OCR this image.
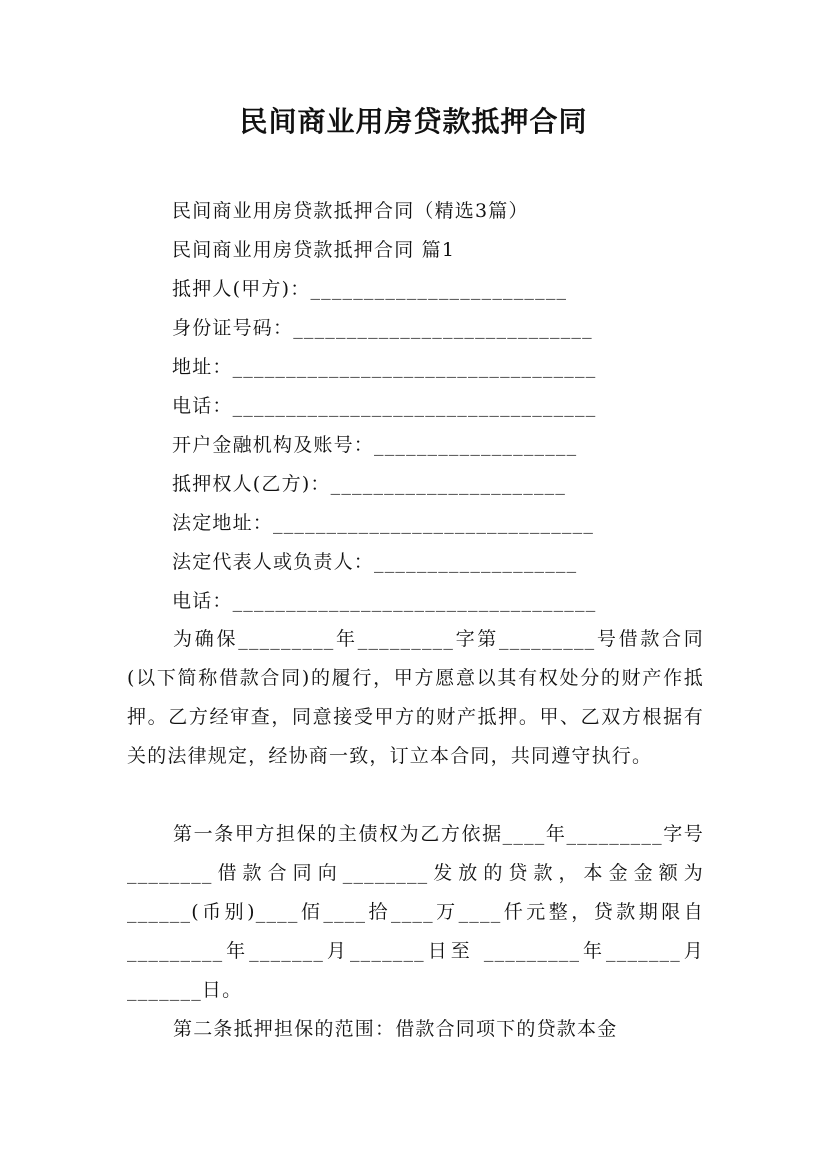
民间商业用房贷款抵押合同
民间商业用房贷款抵押合同（精选3篇）
民间商业用房贷款抵押合同 篇1
抵押人(甲方)：________________________
身份证号码：____________________________
地址：__________________________________
电话：__________________________________
开户金融机构及账号：___________________
抵押权人(乙方)：______________________
法定地址：______________________________
法定代表人或负责人：___________________
电话：__________________________________
为确保_________年_________字第_________号借款合同(以下简称借款合同)的履行，甲方愿意以其有权处分的财产作抵押。乙方经审查，同意接受甲方的财产抵押。甲、乙双方根据有关的法律规定，经协商一致，订立本合同，共同遵守执行。
第一条甲方担保的主债权为乙方依据____年_________字号________借款合同向________发放的贷款，本金金额为______(币别)____佰____拾____万____仟元整，贷款期限自_________年_______月_______日至 _________年_______月_______日。
第二条抵押担保的范围：借款合同项下的贷款本金
